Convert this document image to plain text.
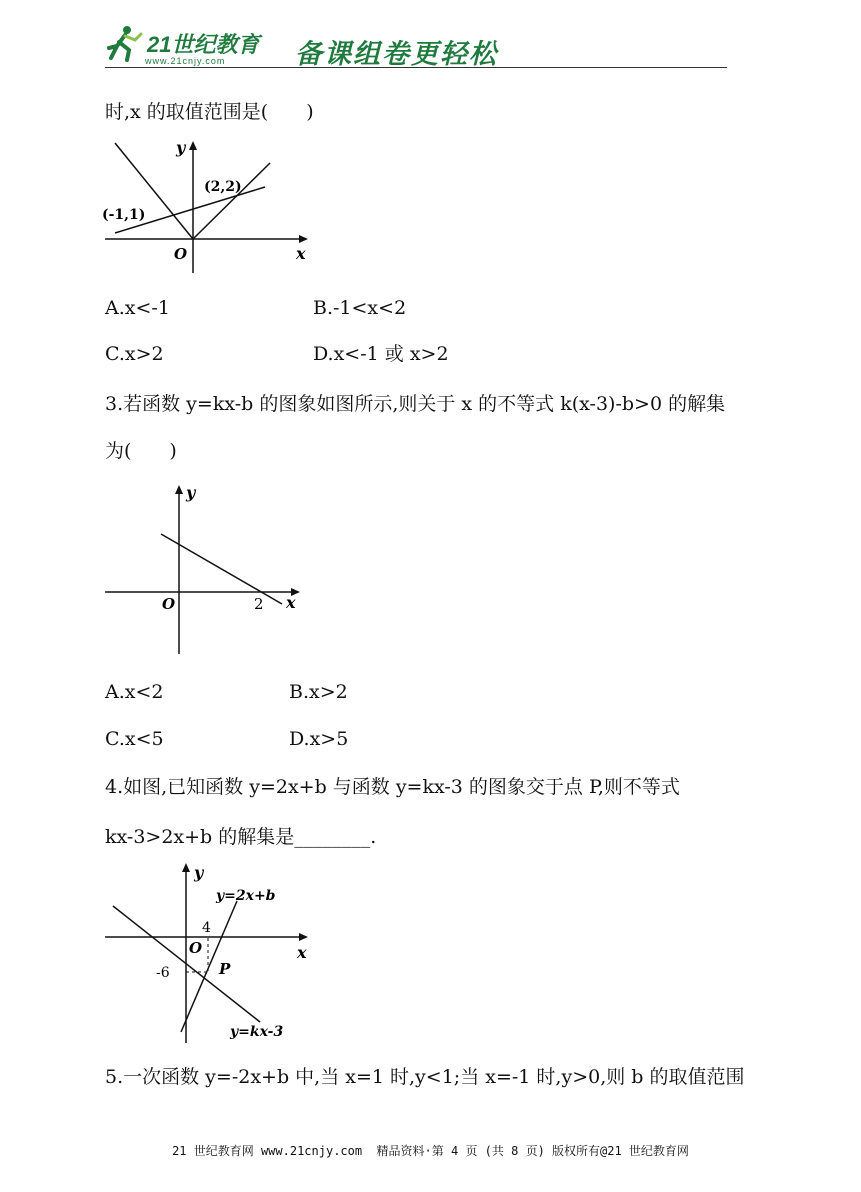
21世纪教育
www.21cnjy.com	备课组卷更轻松
时,x 的取值范围是(　　)
y
x
O
(-1,1)
(2,2)
A.x<-1	B.-1<x<2
C.x>2	D.x<-1 或 x>2
3.若函数 y=kx-b 的图象如图所示,则关于 x 的不等式 k(x-3)-b>0 的解集
为(　　)
y
x
O	2
A.x<2	B.x>2
C.x<5	D.x>5
4.如图,已知函数 y=2x+b 与函数 y=kx-3 的图象交于点 P,则不等式
kx-3>2x+b 的解集是________.
y
x
O
4
-6	P
y=2x+b
y=kx-3
5.一次函数 y=-2x+b 中,当 x=1 时,y<1;当 x=-1 时,y>0,则 b 的取值范围
21 世纪教育网 www.21cnjy.com  精品资料·第 4 页 (共 8 页) 版权所有@21 世纪教育网
